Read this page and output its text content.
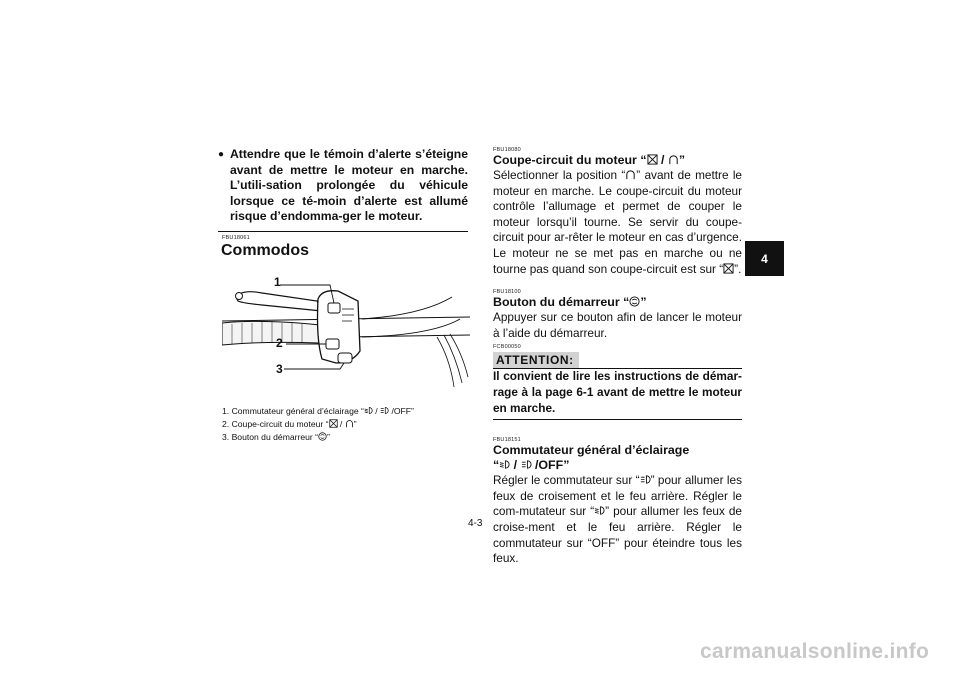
● Attendre que le témoin d’alerte s’éteigne avant de mettre le moteur en marche. L’utili-sation prolongée du véhicule lorsque ce té-moin d’alerte est allumé risque d’endomma-ger le moteur.
FBU18061
Commodos
1
2
3
1. Commutateur général d’éclairage “ /  /OFF”
2. Coupe-circuit du moteur “ / ”
3. Bouton du démarreur “ ”
FBU18080
Coupe-circuit du moteur “ / ”
Sélectionner la position “ ” avant de mettre le moteur en marche. Le coupe-circuit du moteur contrôle l’allumage et permet de couper le moteur lorsqu’il tourne. Se servir du coupe-circuit pour ar-rêter le moteur en cas d’urgence. Le moteur ne se met pas en marche ou ne tourne pas quand son coupe-circuit est sur “ ”.
FBU18100
Bouton du démarreur “ ”
Appuyer sur ce bouton afin de lancer le moteur à l’aide du démarreur.
FCB00050
ATTENTION:
Il convient de lire les instructions de démar-rage à la page 6-1 avant de mettre le moteur en marche.
FBU18151
Commutateur général d’éclairage
“ /  /OFF”
Régler le commutateur sur “ ” pour allumer les feux de croisement et le feu arrière. Régler le com-mutateur sur “ ” pour allumer les feux de croise-ment et le feu arrière. Régler le commutateur sur “OFF” pour éteindre tous les feux.
4
4-3
carmanualsonline.info
